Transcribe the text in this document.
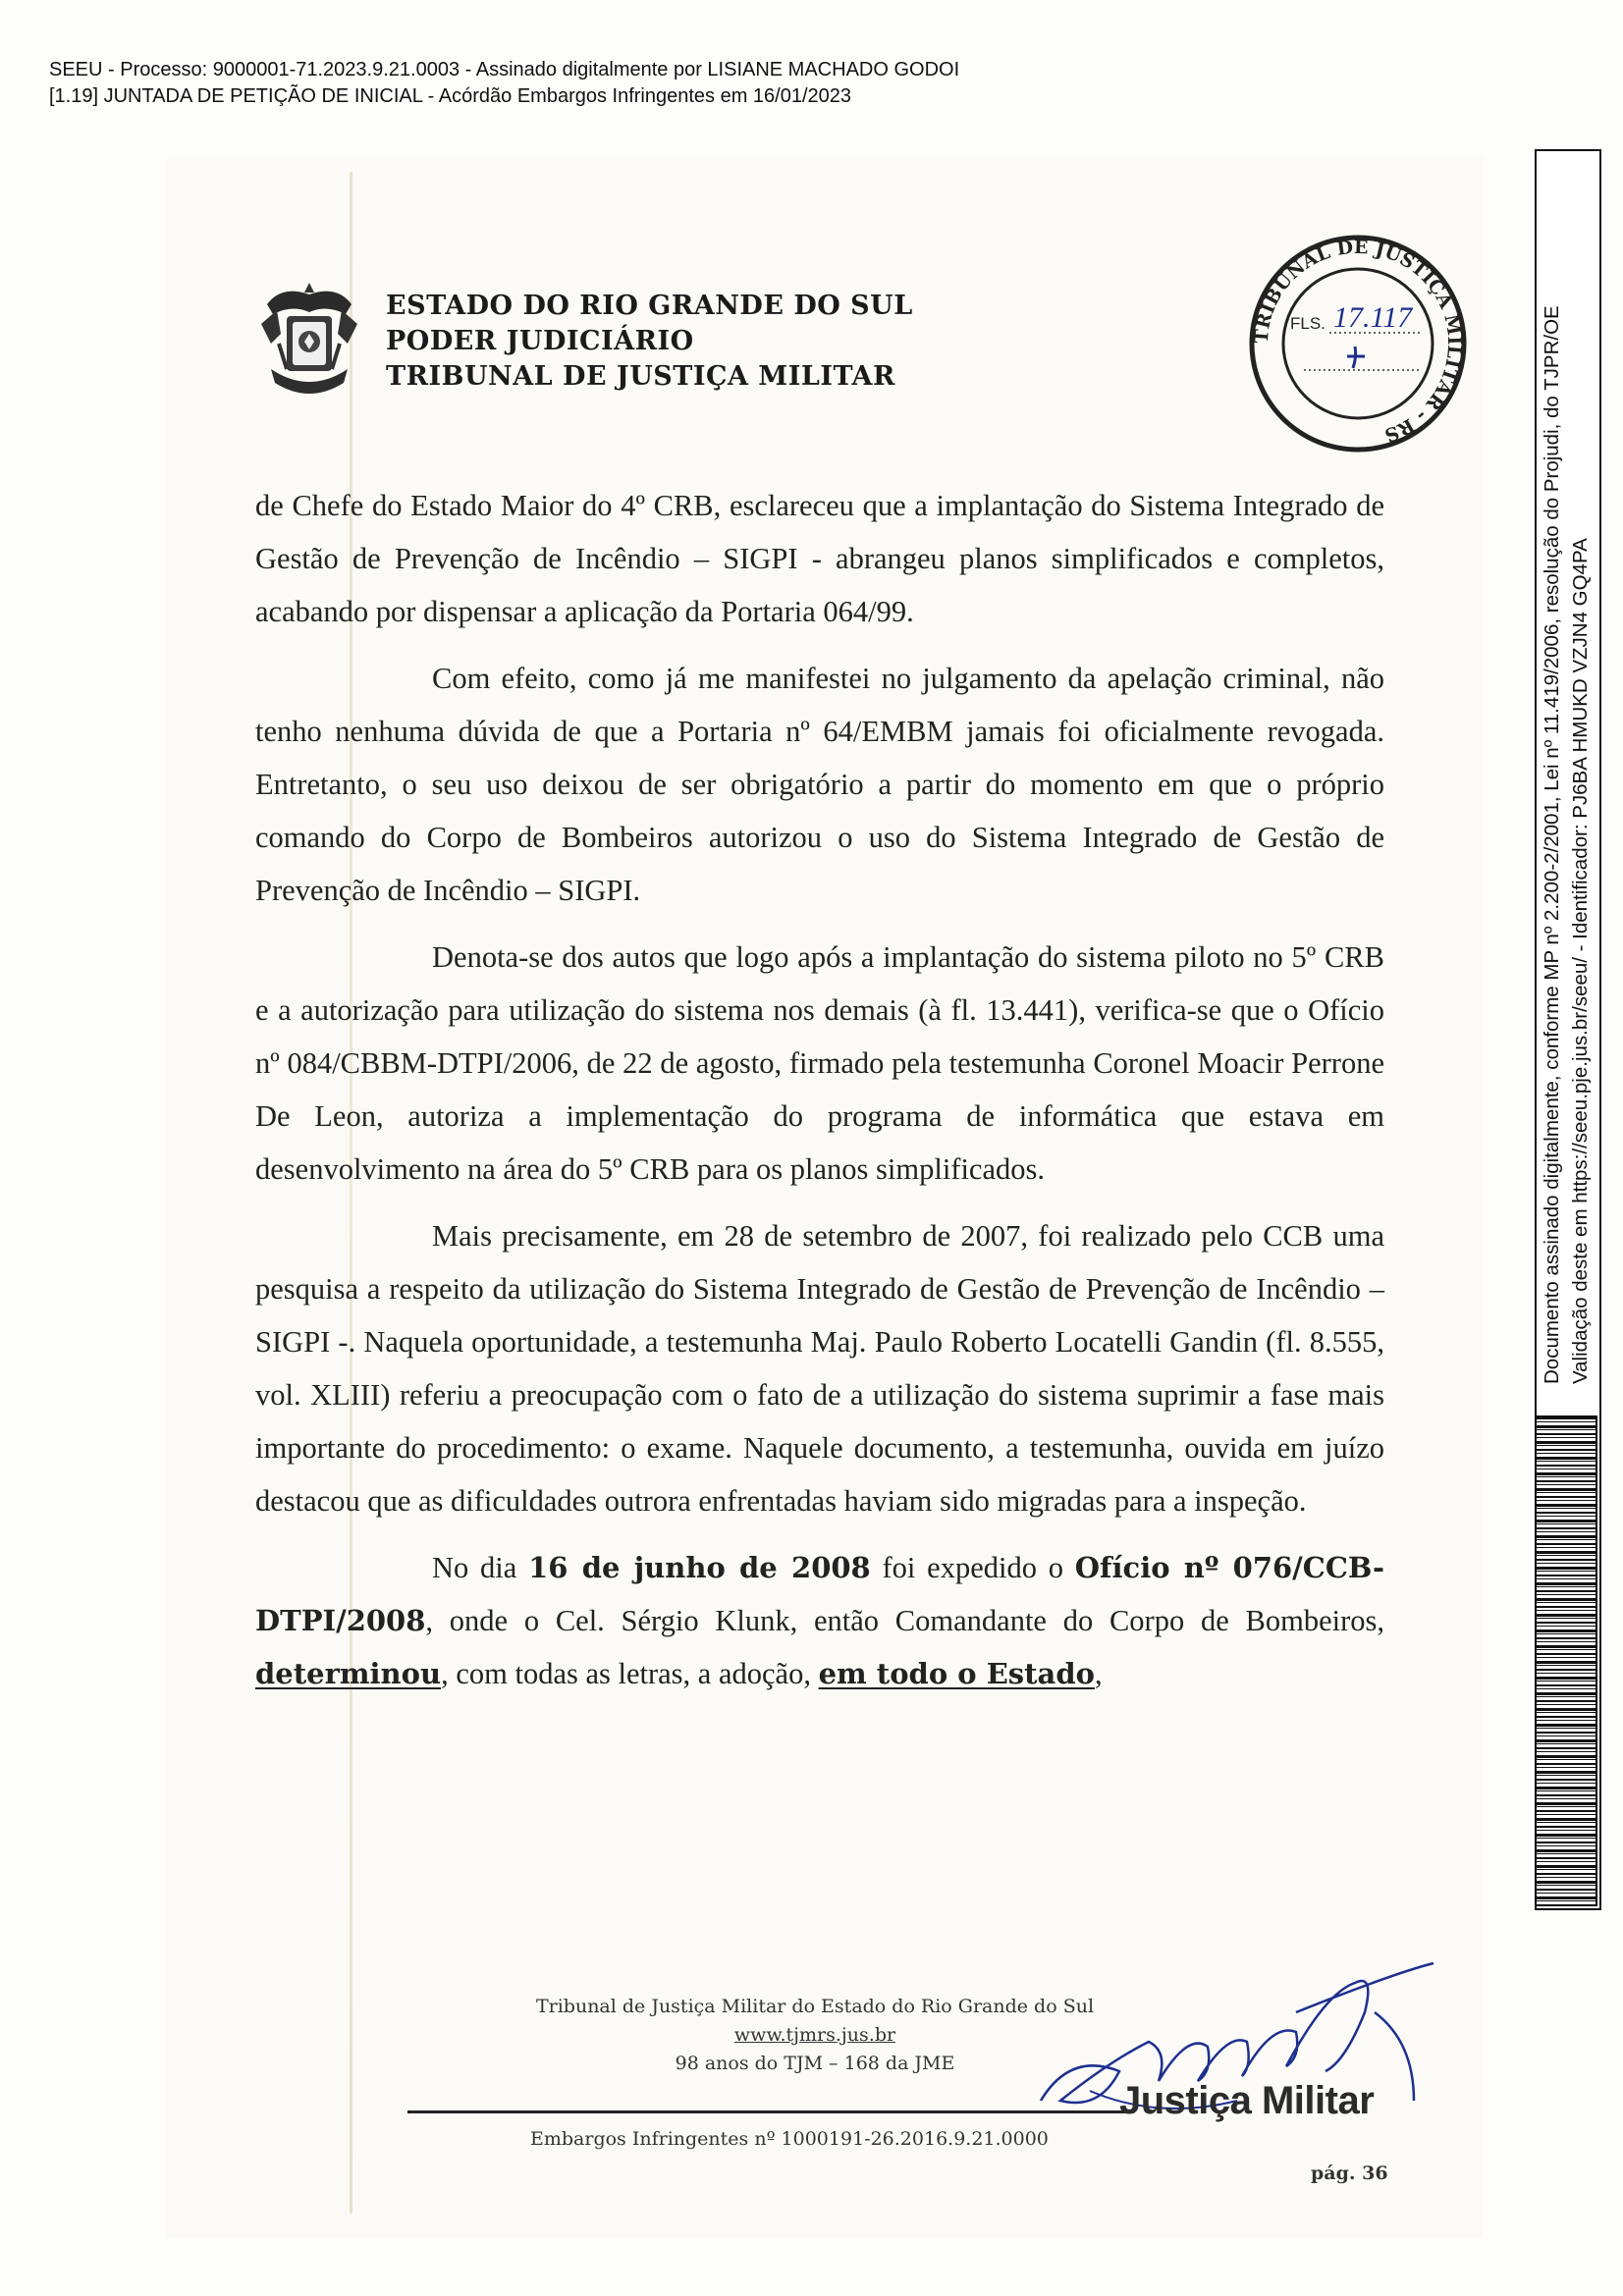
SEEU - Processo: 9000001-71.2023.9.21.0003 - Assinado digitalmente por LISIANE MACHADO GODOI
[1.19] JUNTADA DE PETIÇÃO DE INICIAL - Acórdão Embargos Infringentes em 16/01/2023
ESTADO DO RIO GRANDE DO SUL
PODER JUDICIÁRIO
TRIBUNAL DE JUSTIÇA MILITAR
TRIBUNAL DE JUSTIÇA MILITAR - RS
FLS. 17.117

de Chefe do Estado Maior do 4º CRB, esclareceu que a implantação do Sistema Integrado de Gestão de Prevenção de Incêndio – SIGPI - abrangeu planos simplificados e completos, acabando por dispensar a aplicação da Portaria 064/99.

Com efeito, como já me manifestei no julgamento da apelação criminal, não tenho nenhuma dúvida de que a Portaria nº 64/EMBM jamais foi oficialmente revogada. Entretanto, o seu uso deixou de ser obrigatório a partir do momento em que o próprio comando do Corpo de Bombeiros autorizou o uso do Sistema Integrado de Gestão de Prevenção de Incêndio – SIGPI.

Denota-se dos autos que logo após a implantação do sistema piloto no 5º CRB e a autorização para utilização do sistema nos demais (à fl. 13.441), verifica-se que o Ofício nº 084/CBBM-DTPI/2006, de 22 de agosto, firmado pela testemunha Coronel Moacir Perrone De Leon, autoriza a implementação do programa de informática que estava em desenvolvimento na área do 5º CRB para os planos simplificados.

Mais precisamente, em 28 de setembro de 2007, foi realizado pelo CCB uma pesquisa a respeito da utilização do Sistema Integrado de Gestão de Prevenção de Incêndio – SIGPI -. Naquela oportunidade, a testemunha Maj. Paulo Roberto Locatelli Gandin (fl. 8.555, vol. XLIII) referiu a preocupação com o fato de a utilização do sistema suprimir a fase mais importante do procedimento: o exame. Naquele documento, a testemunha, ouvida em juízo destacou que as dificuldades outrora enfrentadas haviam sido migradas para a inspeção.

No dia 16 de junho de 2008 foi expedido o Ofício nº 076/CCB-DTPI/2008, onde o Cel. Sérgio Klunk, então Comandante do Corpo de Bombeiros, determinou, com todas as letras, a adoção, em todo o Estado,

Tribunal de Justiça Militar do Estado do Rio Grande do Sul
www.tjmrs.jus.br
98 anos do TJM – 168 da JME
Justiça Militar
Embargos Infringentes nº 1000191-26.2016.9.21.0000
pág. 36
Documento assinado digitalmente, conforme MP nº 2.200-2/2001, Lei nº 11.419/2006, resolução do Projudi, do TJPR/OE Validação deste em https://seeu.pje.jus.br/seeu/ - Identificador: PJ6BA HMUKD VZJN4 GQ4PA
